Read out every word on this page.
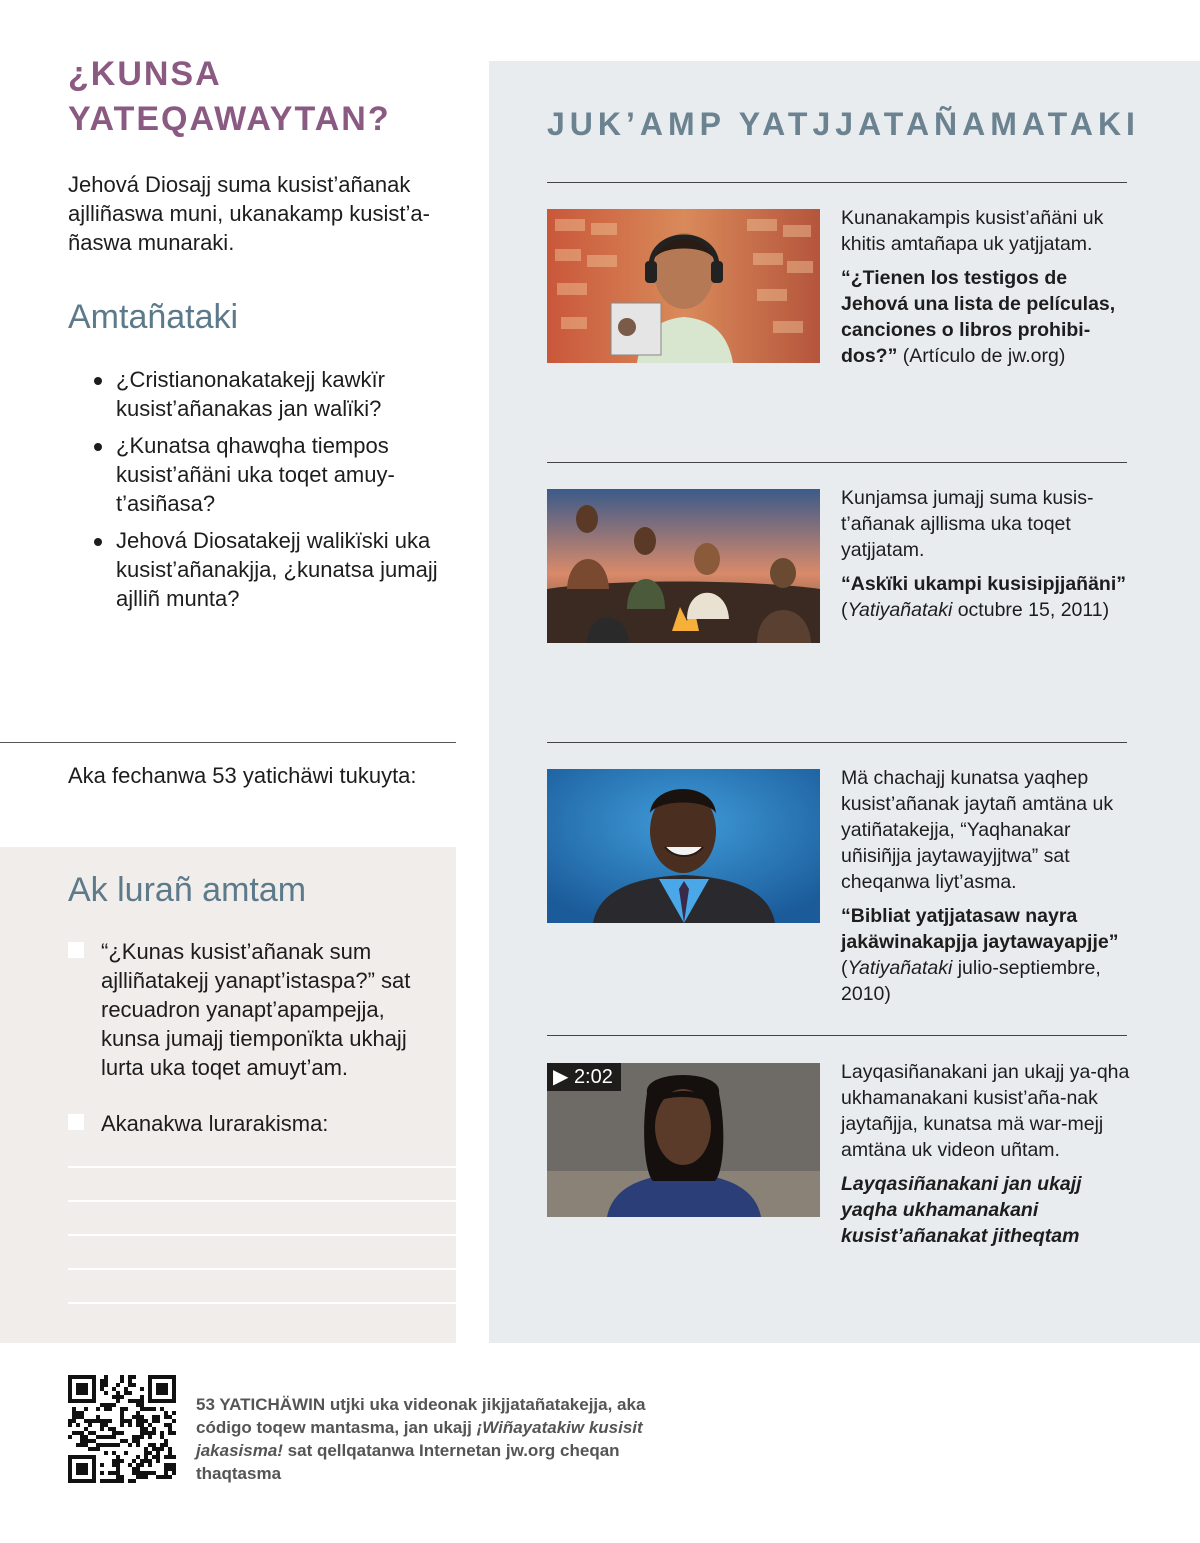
¿KUNSA YATEQAWAYTAN?

Jehová Diosajj suma kusist’añanak ajlliñaswa muni, ukanakamp kusist’a-ñaswa munaraki.

Amtañataki
¿Cristianonakatakejj kawkïr kusist’añanakas jan walïki?
¿Kunatsa qhawqha tiempos kusist’añäni uka toqet amuy-t’asiñasa?
Jehová Diosatakejj walikïski uka kusist’añanakjja, ¿kunatsa jumajj ajlliñ munta?

Aka fechanwa 53 yatichäwi tukuyta:

Ak lurañ amtam
“¿Kunas kusist’añanak sum ajlliñatakejj yanapt’istaspa?” sat recuadron yanapt’apampejja, kunsa jumajj tiemponïkta ukhajj lurta uka toqet amuyt’am.
Akanakwa lurarakisma:
JUK’AMP YATJJATAÑAMATAKI

Kunanakampis kusist’añäni uk khitis amtañapa uk yatjjatam.

“¿Tienen los testigos de Jehová una lista de películas, canciones o libros prohibi-dos?” (Artículo de jw.org)

Kunjamsa jumajj suma kusis-t’añanak ajllisma uka toqet yatjjatam.

“Askïki ukampi kusisipjjañäni” (Yatiyañataki octubre 15, 2011)

Mä chachajj kunatsa yaqhep kusist’añanak jaytañ amtäna uk yatiñatakejja, “Yaqhanakar uñisiñjja jaytawayjjtwa” sat cheqanwa liyt’asma.

“Bibliat yatjjatasaw nayra jakäwinakapjja jaytawayapjje” (Yatiyañataki julio-septiembre, 2010)

▶ 2:02	Layqasiñanakani jan ukajj ya-qha ukhamanakani kusist’aña-nak jaytañjja, kunatsa mä war-mejj amtäna uk videon uñtam.

Layqasiñanakani jan ukajj yaqha ukhamanakani kusist’añanakat jitheqtam

53 YATICHÄWIN utjki uka videonak jikjjatañatakejja, aka código toqew mantasma, jan ukajj ¡Wiñayatakiw kusisit jakasisma! sat qellqatanwa Internetan jw.org cheqan thaqtasma
